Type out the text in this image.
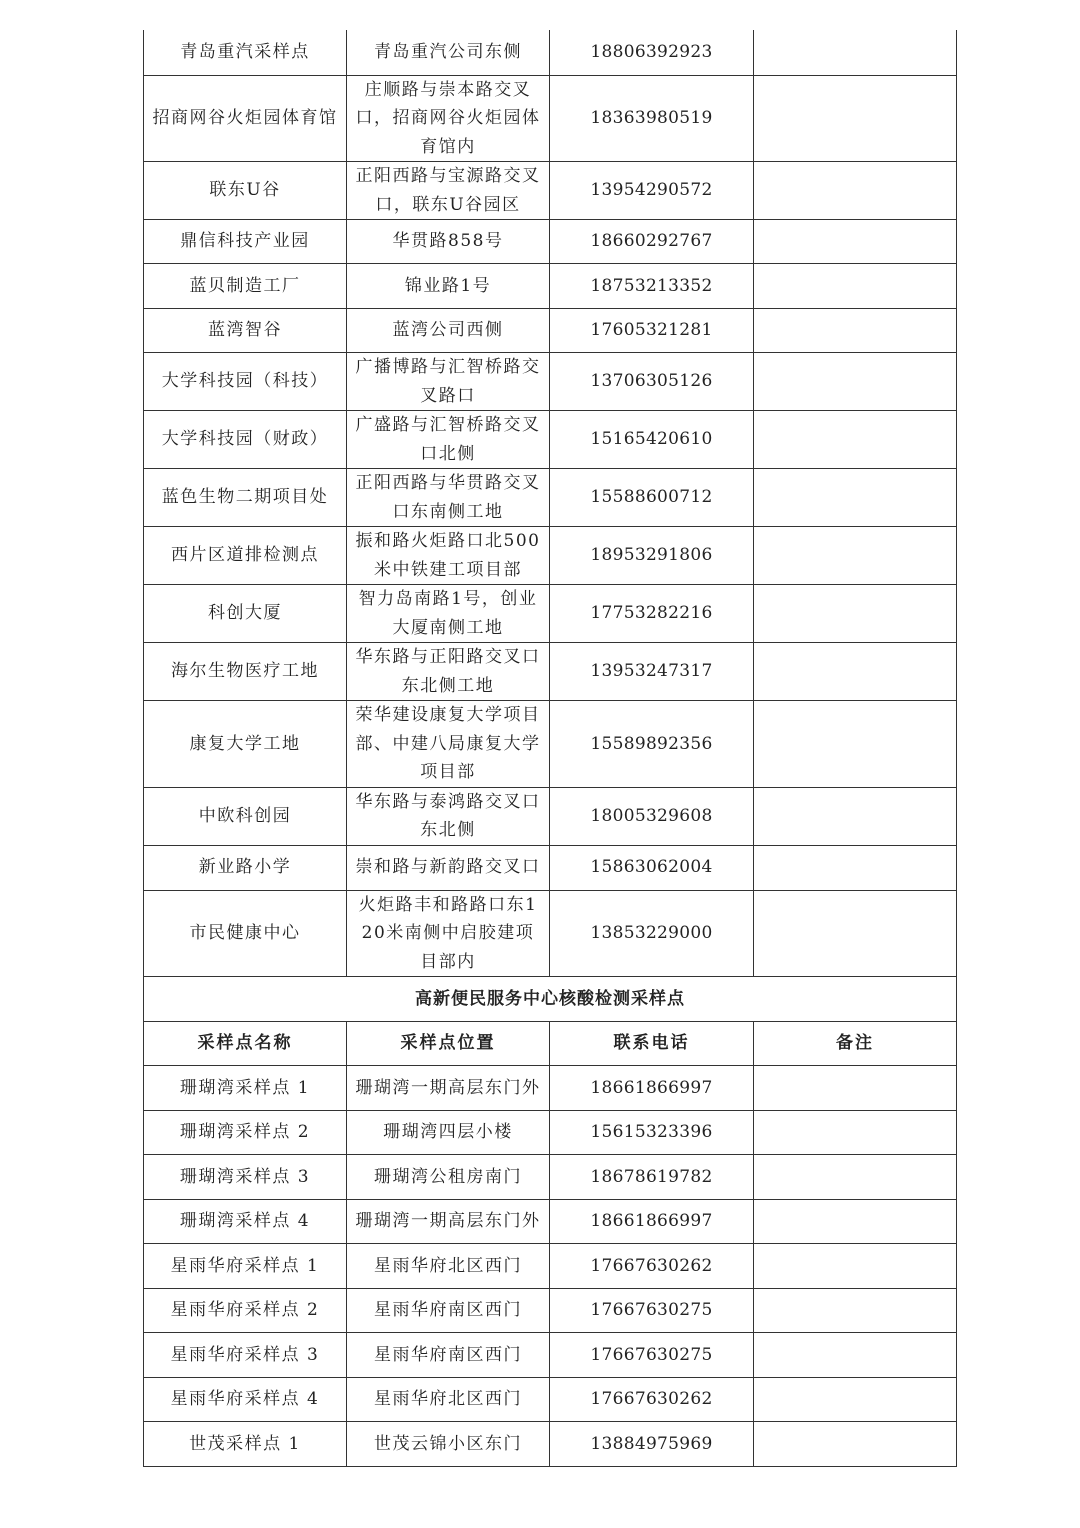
青岛重汽采样点	青岛重汽公司东侧	18806392923	
招商网谷火炬园体育馆	庄顺路与崇本路交叉口，招商网谷火炬园体育馆内	18363980519	
联东U谷	正阳西路与宝源路交叉口，联东U谷园区	13954290572	
鼎信科技产业园	华贯路858号	18660292767	
蓝贝制造工厂	锦业路1号	18753213352	
蓝湾智谷	蓝湾公司西侧	17605321281	
大学科技园（科技）	广播博路与汇智桥路交叉路口	13706305126	
大学科技园（财政）	广盛路与汇智桥路交叉口北侧	15165420610	
蓝色生物二期项目处	正阳西路与华贯路交叉口东南侧工地	15588600712	
西片区道排检测点	振和路火炬路口北500米中铁建工项目部	18953291806	
科创大厦	智力岛南路1号，创业大厦南侧工地	17753282216	
海尔生物医疗工地	华东路与正阳路交叉口东北侧工地	13953247317	
康复大学工地	荣华建设康复大学项目部、中建八局康复大学项目部	15589892356	
中欧科创园	华东路与泰鸿路交叉口东北侧	18005329608	
新业路小学	崇和路与新韵路交叉口	15863062004	
市民健康中心	火炬路丰和路路口东120米南侧中启胶建项目部内	13853229000	
高新便民服务中心核酸检测采样点			
采样点名称	采样点位置	联系电话	备注
珊瑚湾采样点 1	珊瑚湾一期高层东门外	18661866997	
珊瑚湾采样点 2	珊瑚湾四层小楼	15615323396	
珊瑚湾采样点 3	珊瑚湾公租房南门	18678619782	
珊瑚湾采样点 4	珊瑚湾一期高层东门外	18661866997	
星雨华府采样点 1	星雨华府北区西门	17667630262	
星雨华府采样点 2	星雨华府南区西门	17667630275	
星雨华府采样点 3	星雨华府南区西门	17667630275	
星雨华府采样点 4	星雨华府北区西门	17667630262	
世茂采样点 1	世茂云锦小区东门	13884975969	
